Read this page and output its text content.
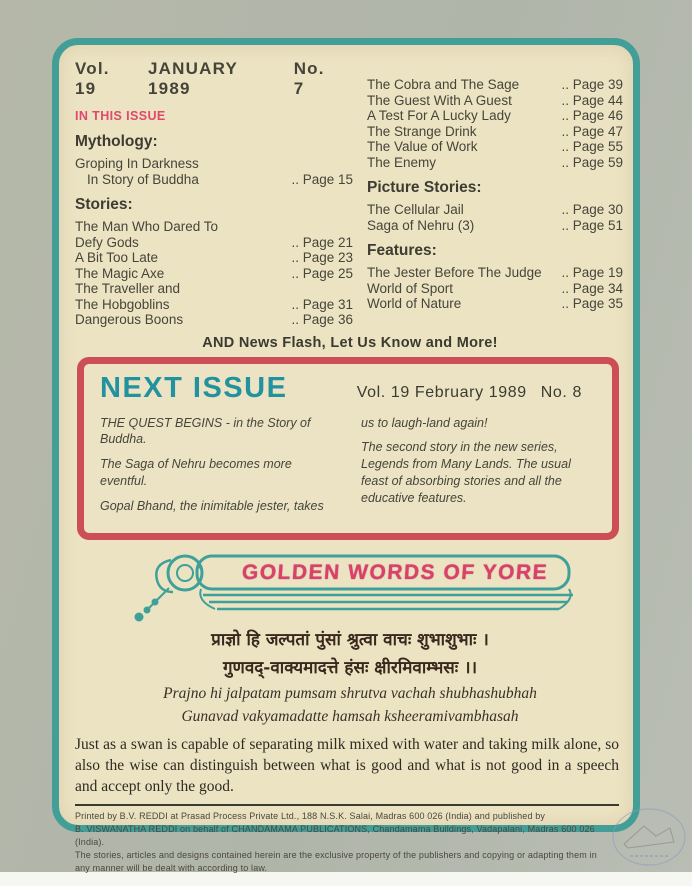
Vol. 19
JANUARY 1989
No. 7
IN THIS ISSUE
Mythology:
Groping In Darkness
In Story of Buddha	.. Page 15
Stories:
The Man Who Dared To
Defy Gods	.. Page 21
A Bit Too Late	.. Page 23
The Magic Axe	.. Page 25
The Traveller and
The Hobgoblins	.. Page 31
Dangerous Boons	.. Page 36
The Cobra and The Sage	.. Page 39
The Guest With A Guest	.. Page 44
A Test For A Lucky Lady	.. Page 46
The Strange Drink	.. Page 47
The Value of Work	.. Page 55
The Enemy	.. Page 59
Picture Stories:
The Cellular Jail	.. Page 30
Saga of Nehru (3)	.. Page 51
Features:
The Jester Before The Judge .. Page 19
World of Sport	.. Page 34
World of Nature	.. Page 35
AND News Flash, Let Us Know and More!
NEXT ISSUE	Vol. 19 February 1989 No. 8

THE QUEST BEGINS - in the Story of Buddha.

The Saga of Nehru becomes more eventful.

Gopal Bhand, the inimitable jester, takes

us to laugh-land again!

The second story in the new series, Legends from Many Lands. The usual feast of absorbing stories and all the educative features.

GOLDEN WORDS OF YORE
प्राज्ञो हि जल्पतां पुंसां श्रुत्वा वाचः शुभाशुभाः ।
गुणवद्-वाक्यमादत्ते हंसः क्षीरमिवाम्भसः ।।
Prajno hi jalpatam pumsam shrutva vachah shubhashubhah
Gunavad vakyamadatte hamsah ksheeramivambhasah
Just as a swan is capable of separating milk mixed with water and taking milk alone, so also the wise can distinguish between what is good and what is not good in a speech and accept only the good.
Printed by B.V. REDDI at Prasad Process Private Ltd., 188 N.S.K. Salai, Madras 600 026 (India) and published by
B. VISWANATHA REDDI on behalf of CHANDAMAMA PUBLICATIONS, Chandamama Buildings, Vadapalani, Madras 600 026
(India).
The stories, articles and designs contained herein are the exclusive property of the publishers and copying or adapting them in
any manner will be dealt with according to law.
